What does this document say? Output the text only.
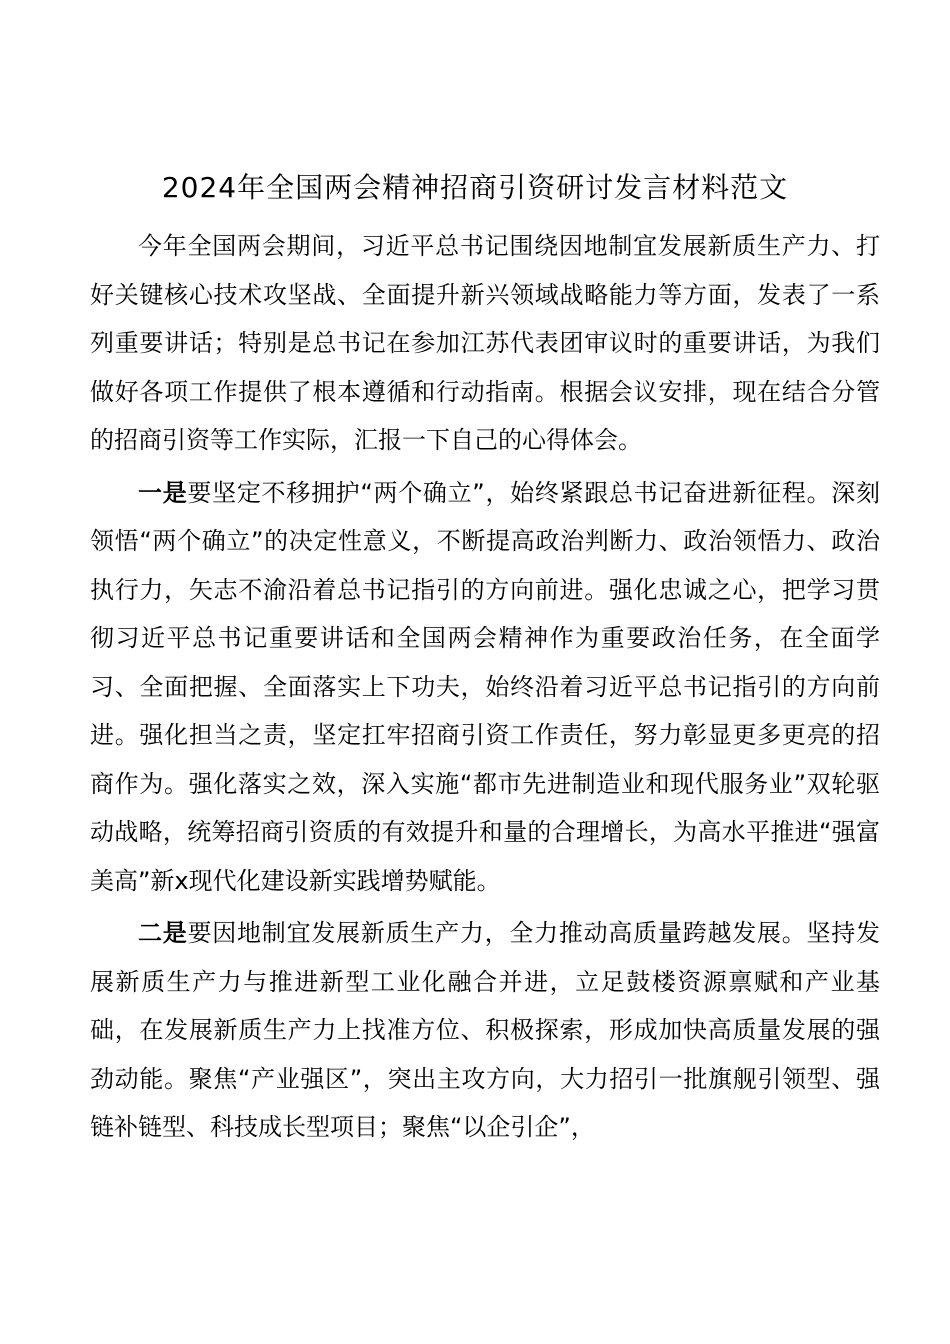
2024年全国两会精神招商引资研讨发言材料范文

今年全国两会期间，习近平总书记围绕因地制宜发展新质生产力、打好关键核心技术攻坚战、全面提升新兴领域战略能力等方面，发表了一系列重要讲话；特别是总书记在参加江苏代表团审议时的重要讲话，为我们做好各项工作提供了根本遵循和行动指南。根据会议安排，现在结合分管的招商引资等工作实际，汇报一下自己的心得体会。

一是要坚定不移拥护“两个确立”，始终紧跟总书记奋进新征程。深刻领悟“两个确立”的决定性意义，不断提高政治判断力、政治领悟力、政治执行力，矢志不渝沿着总书记指引的方向前进。强化忠诚之心，把学习贯彻习近平总书记重要讲话和全国两会精神作为重要政治任务，在全面学习、全面把握、全面落实上下功夫，始终沿着习近平总书记指引的方向前进。强化担当之责，坚定扛牢招商引资工作责任，努力彰显更多更亮的招商作为。强化落实之效，深入实施“都市先进制造业和现代服务业”双轮驱动战略，统筹招商引资质的有效提升和量的合理增长，为高水平推进“强富美高”新x现代化建设新实践增势赋能。

二是要因地制宜发展新质生产力，全力推动高质量跨越发展。坚持发展新质生产力与推进新型工业化融合并进，立足鼓楼资源禀赋和产业基础，在发展新质生产力上找准方位、积极探索，形成加快高质量发展的强劲动能。聚焦“产业强区”，突出主攻方向，大力招引一批旗舰引领型、强链补链型、科技成长型项目；聚焦“以企引企”，
